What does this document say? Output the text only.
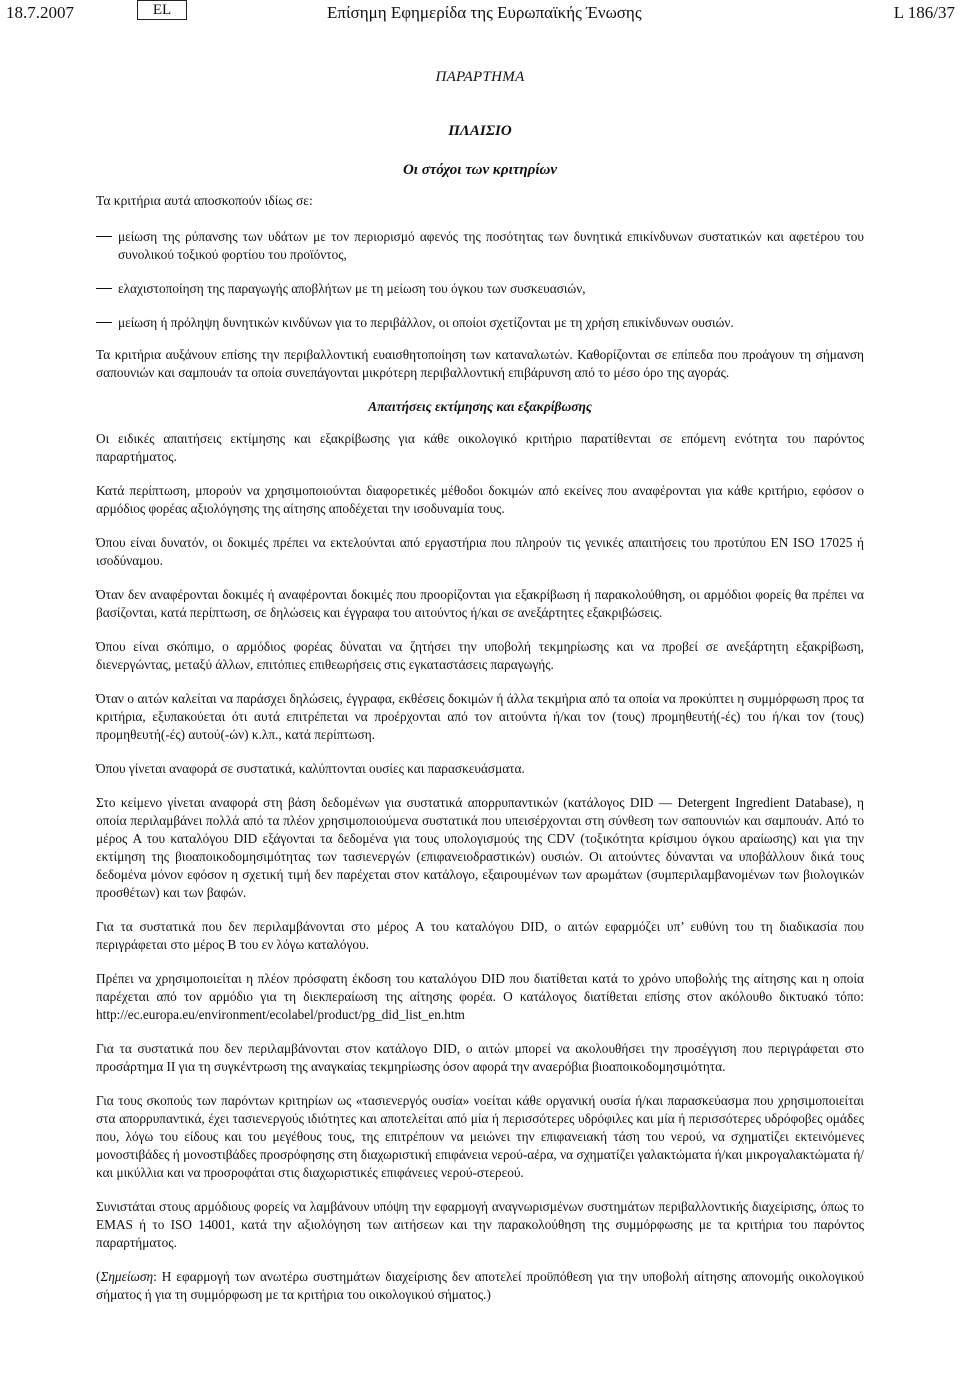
18.7.2007	EL	Επίσημη Εφημερίδα της Ευρωπαϊκής Ένωσης	L 186/37
ΠΑΡΑΡΤΗΜΑ
ΠΛΑΙΣΙΟ
Οι στόχοι των κριτηρίων
Τα κριτήρια αυτά αποσκοπούν ιδίως σε:
μείωση της ρύπανσης των υδάτων με τον περιορισμό αφενός της ποσότητας των δυνητικά επικίνδυνων συστατικών και αφετέρου του συνολικού τοξικού φορτίου του προϊόντος,
ελαχιστοποίηση της παραγωγής αποβλήτων με τη μείωση του όγκου των συσκευασιών,
μείωση ή πρόληψη δυνητικών κινδύνων για το περιβάλλον, οι οποίοι σχετίζονται με τη χρήση επικίνδυνων ουσιών.

Τα κριτήρια αυξάνουν επίσης την περιβαλλοντική ευαισθητοποίηση των καταναλωτών. Καθορίζονται σε επίπεδα που προάγουν τη σήμανση σαπουνιών και σαμπουάν τα οποία συνεπάγονται μικρότερη περιβαλλοντική επιβάρυνση από το μέσο όρο της αγοράς.

Απαιτήσεις εκτίμησης και εξακρίβωσης

Οι ειδικές απαιτήσεις εκτίμησης και εξακρίβωσης για κάθε οικολογικό κριτήριο παρατίθενται σε επόμενη ενότητα του παρόντος παραρτήματος.

Κατά περίπτωση, μπορούν να χρησιμοποιούνται διαφορετικές μέθοδοι δοκιμών από εκείνες που αναφέρονται για κάθε κριτήριο, εφόσον ο αρμόδιος φορέας αξιολόγησης της αίτησης αποδέχεται την ισοδυναμία τους.

Όπου είναι δυνατόν, οι δοκιμές πρέπει να εκτελούνται από εργαστήρια που πληρούν τις γενικές απαιτήσεις του προτύπου EN ISO 17025 ή ισοδύναμου.

Όταν δεν αναφέρονται δοκιμές ή αναφέρονται δοκιμές που προορίζονται για εξακρίβωση ή παρακολούθηση, οι αρμόδιοι φορείς θα πρέπει να βασίζονται, κατά περίπτωση, σε δηλώσεις και έγγραφα του αιτούντος ή/και σε ανεξάρτητες εξακριβώσεις.

Όπου είναι σκόπιμο, ο αρμόδιος φορέας δύναται να ζητήσει την υποβολή τεκμηρίωσης και να προβεί σε ανεξάρτητη εξακρίβωση, διενεργώντας, μεταξύ άλλων, επιτόπιες επιθεωρήσεις στις εγκαταστάσεις παραγωγής.

Όταν ο αιτών καλείται να παράσχει δηλώσεις, έγγραφα, εκθέσεις δοκιμών ή άλλα τεκμήρια από τα οποία να προκύπτει η συμμόρφωση προς τα κριτήρια, εξυπακούεται ότι αυτά επιτρέπεται να προέρχονται από τον αιτούντα ή/και τον (τους) προμηθευτή(-ές) του ή/και τον (τους) προμηθευτή(-ές) αυτού(-ών) κ.λπ., κατά περίπτωση.

Όπου γίνεται αναφορά σε συστατικά, καλύπτονται ουσίες και παρασκευάσματα.

Στο κείμενο γίνεται αναφορά στη βάση δεδομένων για συστατικά απορρυπαντικών (κατάλογος DID — Detergent Ingredient Database), η οποία περιλαμβάνει πολλά από τα πλέον χρησιμοποιούμενα συστατικά που υπεισέρχονται στη σύνθεση των σαπουνιών και σαμπουάν. Από το μέρος A του καταλόγου DID εξάγονται τα δεδομένα για τους υπολογισμούς της CDV (τοξικότητα κρίσιμου όγκου αραίωσης) και για την εκτίμηση της βιοαποικοδομησιμότητας των τασιενεργών (επιφανειοδραστικών) ουσιών. Οι αιτούντες δύνανται να υποβάλλουν δικά τους δεδομένα μόνον εφόσον η σχετική τιμή δεν παρέχεται στον κατάλογο, εξαιρουμένων των αρωμάτων (συμπεριλαμβανομένων των βιολογικών προσθέτων) και των βαφών.

Για τα συστατικά που δεν περιλαμβάνονται στο μέρος A του καταλόγου DID, ο αιτών εφαρμόζει υπ’ ευθύνη του τη διαδικασία που περιγράφεται στο μέρος B του εν λόγω καταλόγου.

Πρέπει να χρησιμοποιείται η πλέον πρόσφατη έκδοση του καταλόγου DID που διατίθεται κατά το χρόνο υποβολής της αίτησης και η οποία παρέχεται από τον αρμόδιο για τη διεκπεραίωση της αίτησης φορέα. Ο κατάλογος διατίθεται επίσης στον ακόλουθο δικτυακό τόπο: http://ec.europa.eu/environment/ecolabel/product/pg_did_list_en.htm

Για τα συστατικά που δεν περιλαμβάνονται στον κατάλογο DID, ο αιτών μπορεί να ακολουθήσει την προσέγγιση που περιγράφεται στο προσάρτημα II για τη συγκέντρωση της αναγκαίας τεκμηρίωσης όσον αφορά την αναερόβια βιοαποικοδομησιμότητα.

Για τους σκοπούς των παρόντων κριτηρίων ως «τασιενεργός ουσία» νοείται κάθε οργανική ουσία ή/και παρασκεύασμα που χρησιμοποιείται στα απορρυπαντικά, έχει τασιενεργούς ιδιότητες και αποτελείται από μία ή περισσότερες υδρόφιλες και μία ή περισσότερες υδρόφοβες ομάδες που, λόγω του είδους και του μεγέθους τους, της επιτρέπουν να μειώνει την επιφανειακή τάση του νερού, να σχηματίζει εκτεινόμενες μονοστιβάδες ή μονοστιβάδες προσρόφησης στη διαχωριστική επιφάνεια νερού-αέρα, να σχηματίζει γαλακτώματα ή/και μικρογαλακτώματα ή/και μικύλλια και να προσροφάται στις διαχωριστικές επιφάνειες νερού-στερεού.

Συνιστάται στους αρμόδιους φορείς να λαμβάνουν υπόψη την εφαρμογή αναγνωρισμένων συστημάτων περιβαλλοντικής διαχείρισης, όπως το EMAS ή το ISO 14001, κατά την αξιολόγηση των αιτήσεων και την παρακολούθηση της συμμόρφωσης με τα κριτήρια του παρόντος παραρτήματος.

(Σημείωση: Η εφαρμογή των ανωτέρω συστημάτων διαχείρισης δεν αποτελεί προϋπόθεση για την υποβολή αίτησης απονομής οικολογικού σήματος ή για τη συμμόρφωση με τα κριτήρια του οικολογικού σήματος.)
